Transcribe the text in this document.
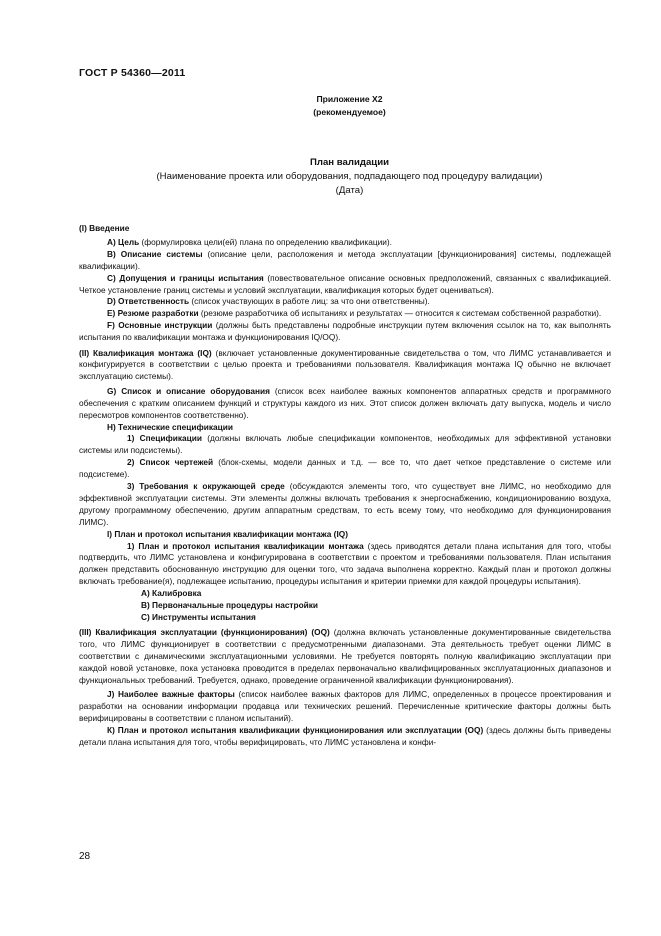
ГОСТ Р 54360—2011
Приложение Х2
(рекомендуемое)
План валидации
(Наименование проекта или оборудования, подпадающего под процедуру валидации)
(Дата)

(I) Введение

А) Цель (формулировка цели(ей) плана по определению квалификации).

В) Описание системы (описание цели, расположения и метода эксплуатации [функционирования] системы, подлежащей квалификации).

С) Допущения и границы испытания (повествовательное описание основных предположений, связанных с квалификацией. Четкое установление границ системы и условий эксплуатации, квалификация которых будет оцениваться).

D) Ответственность (список участвующих в работе лиц: за что они ответственны).

Е) Резюме разработки (резюме разработчика об испытаниях и результатах — относится к системам собственной разработки).

F) Основные инструкции (должны быть представлены подробные инструкции путем включения ссылок на то, как выполнять испытания по квалификации монтажа и функционирования IQ/OQ).

(II) Квалификация монтажа (IQ) (включает установленные документированные свидетельства о том, что ЛИМС устанавливается и конфигурируется в соответствии с целью проекта и требованиями пользователя. Квалификация монтажа IQ обычно не включает эксплуатацию системы).

G) Список и описание оборудования (список всех наиболее важных компонентов аппаратных средств и программного обеспечения с кратким описанием функций и структуры каждого из них. Этот список должен включать дату выпуска, модель и число пересмотров компонентов соответственно).

Н) Технические спецификации

1) Спецификации (должны включать любые спецификации компонентов, необходимых для эффективной установки системы или подсистемы).

2) Список чертежей (блок-схемы, модели данных и т.д. — все то, что дает четкое представление о системе или подсистеме).

3) Требования к окружающей среде (обсуждаются элементы того, что существует вне ЛИМС, но необходимо для эффективной эксплуатации системы. Эти элементы должны включать требования к энергоснабжению, кондиционированию воздуха, другому программному обеспечению, другим аппаратным средствам, то есть всему тому, что необходимо для функционирования ЛИМС).

I) План и протокол испытания квалификации монтажа (IQ)

1) План и протокол испытания квалификации монтажа (здесь приводятся детали плана испытания для того, чтобы подтвердить, что ЛИМС установлена и конфигурирована в соответствии с проектом и требованиями пользователя. План испытания должен представить обоснованную инструкцию для оценки того, что задача выполнена корректно. Каждый план и протокол должны включать требование(я), подлежащее испытанию, процедуры испытания и критерии приемки для каждой процедуры испытания).

А) Калибровка

В) Первоначальные процедуры настройки

С) Инструменты испытания

(III) Квалификация эксплуатации (функционирования) (OQ) (должна включать установленные документированные свидетельства того, что ЛИМС функционирует в соответствии с предусмотренными диапазонами. Эта деятельность требует оценки ЛИМС в соответствии с динамическими эксплуатационными условиями. Не требуется повторять полную квалификацию эксплуатации при каждой новой установке, пока установка проводится в пределах первоначально квалифицированных эксплуатационных диапазонов и функциональных требований. Требуется, однако, проведение ограниченной квалификации функционирования).

J) Наиболее важные факторы (список наиболее важных факторов для ЛИМС, определенных в процессе проектирования и разработки на основании информации продавца или технических решений. Перечисленные критические факторы должны быть верифицированы в соответствии с планом испытаний).

К) План и протокол испытания квалификации функционирования или эксплуатации (OQ) (здесь должны быть приведены детали плана испытания для того, чтобы верифицировать, что ЛИМС установлена и конфи-

28
